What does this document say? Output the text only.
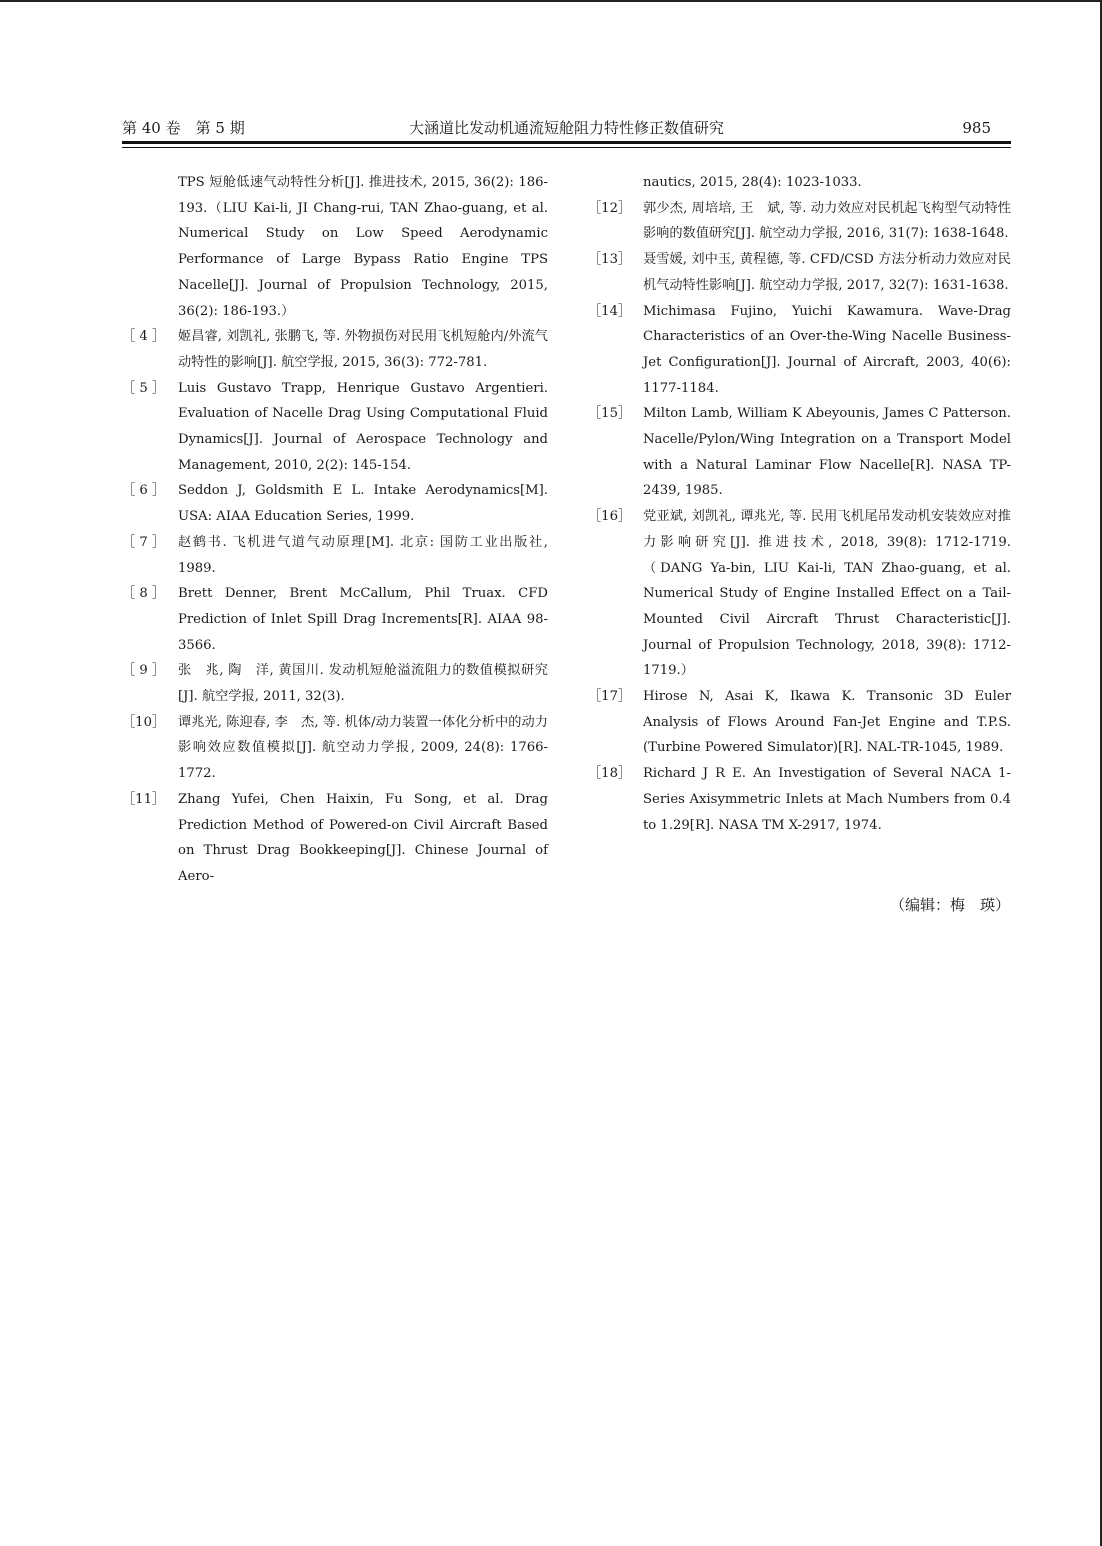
第 40 卷　第 5 期	大涵道比发动机通流短舱阻力特性修正数值研究	985
TPS 短舱低速气动特性分析[J]. 推进技术, 2015, 36(2): 186-193.（LIU Kai-li, JI Chang-rui, TAN Zhao-guang, et al. Numerical Study on Low Speed Aerodynamic Performance of Large Bypass Ratio Engine TPS Nacelle[J]. Journal of Propulsion Technology, 2015, 36(2): 186-193.）
［ 4 ］ 姬昌睿, 刘凯礼, 张鹏飞, 等. 外物损伤对民用飞机短舱内/外流气动特性的影响[J]. 航空学报, 2015, 36(3): 772-781.
［ 5 ］ Luis Gustavo Trapp, Henrique Gustavo Argentieri. Evaluation of Nacelle Drag Using Computational Fluid Dynamics[J]. Journal of Aerospace Technology and Management, 2010, 2(2): 145-154.
［ 6 ］ Seddon J, Goldsmith E L. Intake Aerodynamics[M]. USA: AIAA Education Series, 1999.
［ 7 ］ 赵鹤书. 飞机进气道气动原理[M]. 北京: 国防工业出版社, 1989.
［ 8 ］ Brett Denner, Brent McCallum, Phil Truax. CFD Prediction of Inlet Spill Drag Increments[R]. AIAA 98-3566.
［ 9 ］ 张　兆, 陶　洋, 黄国川. 发动机短舱溢流阻力的数值模拟研究[J]. 航空学报, 2011, 32(3).
［10］ 谭兆光, 陈迎春, 李　杰, 等. 机体/动力装置一体化分析中的动力影响效应数值模拟[J]. 航空动力学报, 2009, 24(8): 1766-1772.
［11］ Zhang Yufei, Chen Haixin, Fu Song, et al. Drag Prediction Method of Powered-on Civil Aircraft Based on Thrust Drag Bookkeeping[J]. Chinese Journal of Aero-
nautics, 2015, 28(4): 1023-1033.
［12］ 郭少杰, 周培培, 王　斌, 等. 动力效应对民机起飞构型气动特性影响的数值研究[J]. 航空动力学报, 2016, 31(7): 1638-1648.
［13］ 聂雪媛, 刘中玉, 黄程德, 等. CFD/CSD 方法分析动力效应对民机气动特性影响[J]. 航空动力学报, 2017, 32(7): 1631-1638.
［14］ Michimasa Fujino, Yuichi Kawamura. Wave-Drag Characteristics of an Over-the-Wing Nacelle Business-Jet Configuration[J]. Journal of Aircraft, 2003, 40(6): 1177-1184.
［15］ Milton Lamb, William K Abeyounis, James C Patterson. Nacelle/Pylon/Wing Integration on a Transport Model with a Natural Laminar Flow Nacelle[R]. NASA TP-2439, 1985.
［16］ 党亚斌, 刘凯礼, 谭兆光, 等. 民用飞机尾吊发动机安装效应对推力影响研究[J]. 推进技术, 2018, 39(8): 1712-1719.（DANG Ya-bin, LIU Kai-li, TAN Zhao-guang, et al. Numerical Study of Engine Installed Effect on a Tail-Mounted Civil Aircraft Thrust Characteristic[J]. Journal of Propulsion Technology, 2018, 39(8): 1712-1719.）
［17］ Hirose N, Asai K, Ikawa K. Transonic 3D Euler Analysis of Flows Around Fan-Jet Engine and T.P.S. (Turbine Powered Simulator)[R]. NAL-TR-1045, 1989.
［18］ Richard J R E. An Investigation of Several NACA 1-Series Axisymmetric Inlets at Mach Numbers from 0.4 to 1.29[R]. NASA TM X-2917, 1974.
（编辑：梅　瑛）
